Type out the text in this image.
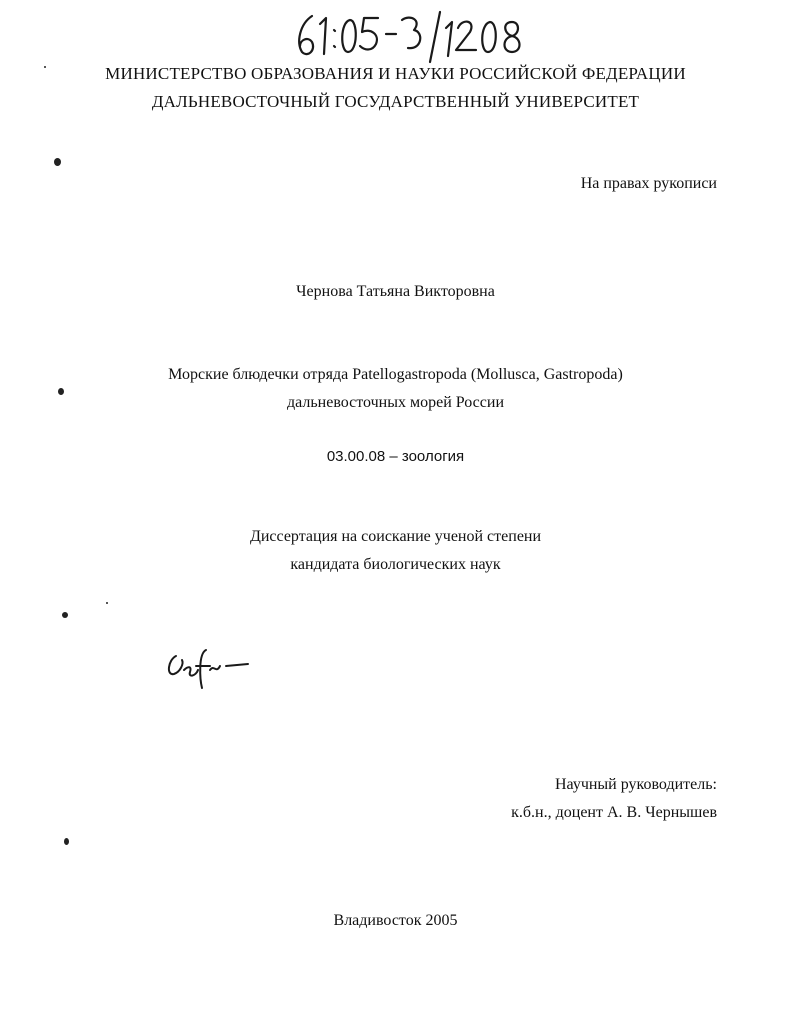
МИНИСТЕРСТВО ОБРАЗОВАНИЯ И НАУКИ РОССИЙСКОЙ ФЕДЕРАЦИИ
ДАЛЬНЕВОСТОЧНЫЙ ГОСУДАРСТВЕННЫЙ УНИВЕРСИТЕТ
На правах рукописи
Чернова Татьяна Викторовна
Морские блюдечки отряда Patellogastropoda (Mollusca, Gastropoda)
дальневосточных морей России
03.00.08 – зоология
Диссертация на соискание ученой степени
кандидата биологических наук
Научный руководитель:
к.б.н., доцент А. В. Чернышев
Владивосток 2005
